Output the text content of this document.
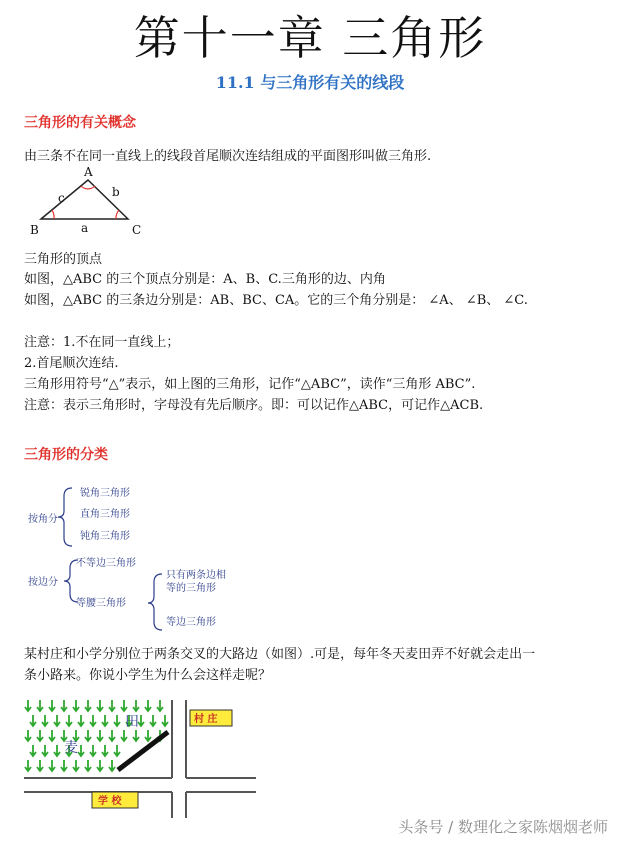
第十一章 三角形
11.1 与三角形有关的线段
三角形的有关概念
由三条不在同一直线上的线段首尾顺次连结组成的平面图形叫做三角形.
A
B	C
a
b
c
三角形的顶点
如图，△ABC 的三个顶点分别是：A、B、C.三角形的边、内角
如图，△ABC 的三条边分别是：AB、BC、CA。它的三个角分别是： ∠A、 ∠B、 ∠C.
注意：1.不在同一直线上；
2.首尾顺次连结.
三角形用符号“△”表示，如上图的三角形，记作“△ABC”，读作“三角形 ABC”.
注意：表示三角形时，字母没有先后顺序。即：可以记作△ABC，可记作△ACB.
三角形的分类
按角分
锐角三角形
直角三角形
钝角三角形
按边分
不等边三角形
等腰三角形
只有两条边相
等的三角形
等边三角形
某村庄和小学分别位于两条交叉的大路边（如图）.可是，每年冬天麦田弄不好就会走出一
条小路来。你说小学生为什么会这样走呢？
田
麦
村 庄
学 校
头条号 / 数理化之家陈烟烟老师
